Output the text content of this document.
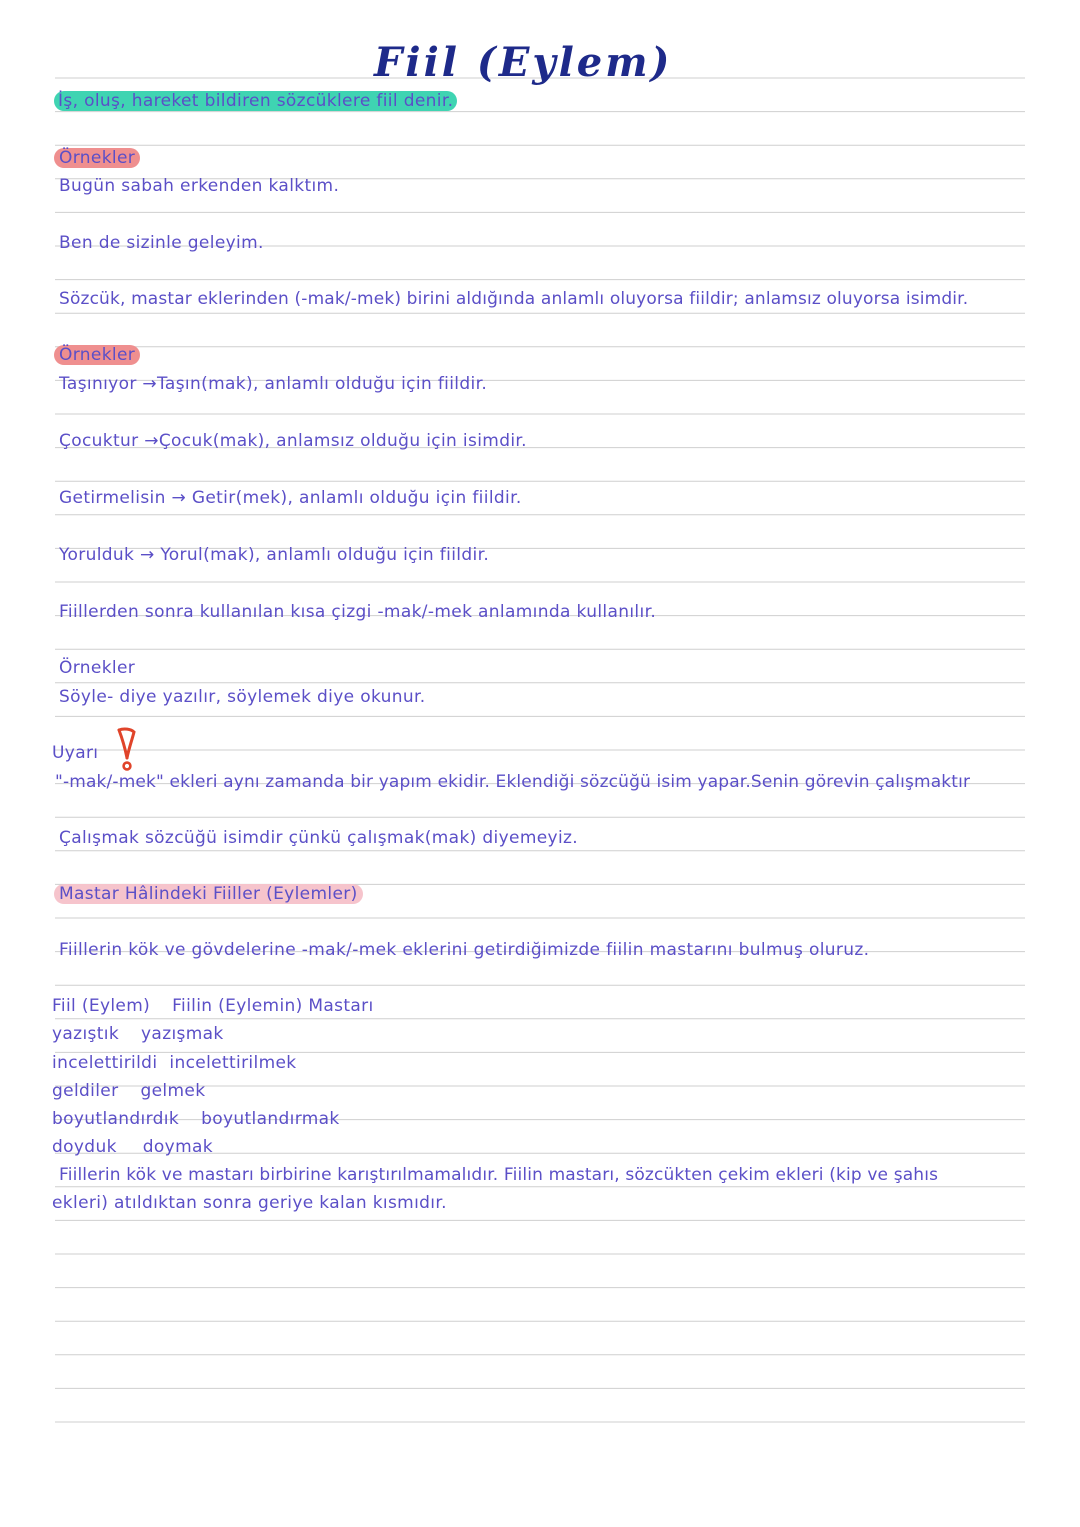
Fiil (Eylem)

İş, oluş, hareket bildiren sözcüklere fiil denir.

Örnekler

Bugün sabah erkenden kalktım.

Ben de sizinle geleyim.

Sözcük, mastar eklerinden (-mak/-mek) birini aldığında anlamlı oluyorsa fiildir; anlamsız oluyorsa isimdir.

Örnekler

Taşınıyor →Taşın(mak), anlamlı olduğu için fiildir.

Çocuktur →Çocuk(mak), anlamsız olduğu için isimdir.

Getirmelisin → Getir(mek), anlamlı olduğu için fiildir.

Yorulduk → Yorul(mak), anlamlı olduğu için fiildir.

Fiillerden sonra kullanılan kısa çizgi -mak/-mek anlamında kullanılır.

Örnekler

Söyle- diye yazılır, söylemek diye okunur.

Uyarı

"-mak/-mek" ekleri aynı zamanda bir yapım ekidir. Eklendiği sözcüğü isim yapar.Senin görevin çalışmaktır

Çalışmak sözcüğü isimdir çünkü çalışmak(mak) diyemeyiz.

Mastar Hâlindeki Fiiller (Eylemler)

Fiillerin kök ve gövdelerine -mak/-mek eklerini getirdiğimizde fiilin mastarını bulmuş oluruz.

Fiil (Eylem) Fiilin (Eylemin) Mastarı

yazıştık yazışmak

incelettirildi incelettirilmek

geldiler gelmek

boyutlandırdık boyutlandırmak

doyduk doymak

Fiillerin kök ve mastarı birbirine karıştırılmamalıdır. Fiilin mastarı, sözcükten çekim ekleri (kip ve şahıs

ekleri) atıldıktan sonra geriye kalan kısmıdır.
